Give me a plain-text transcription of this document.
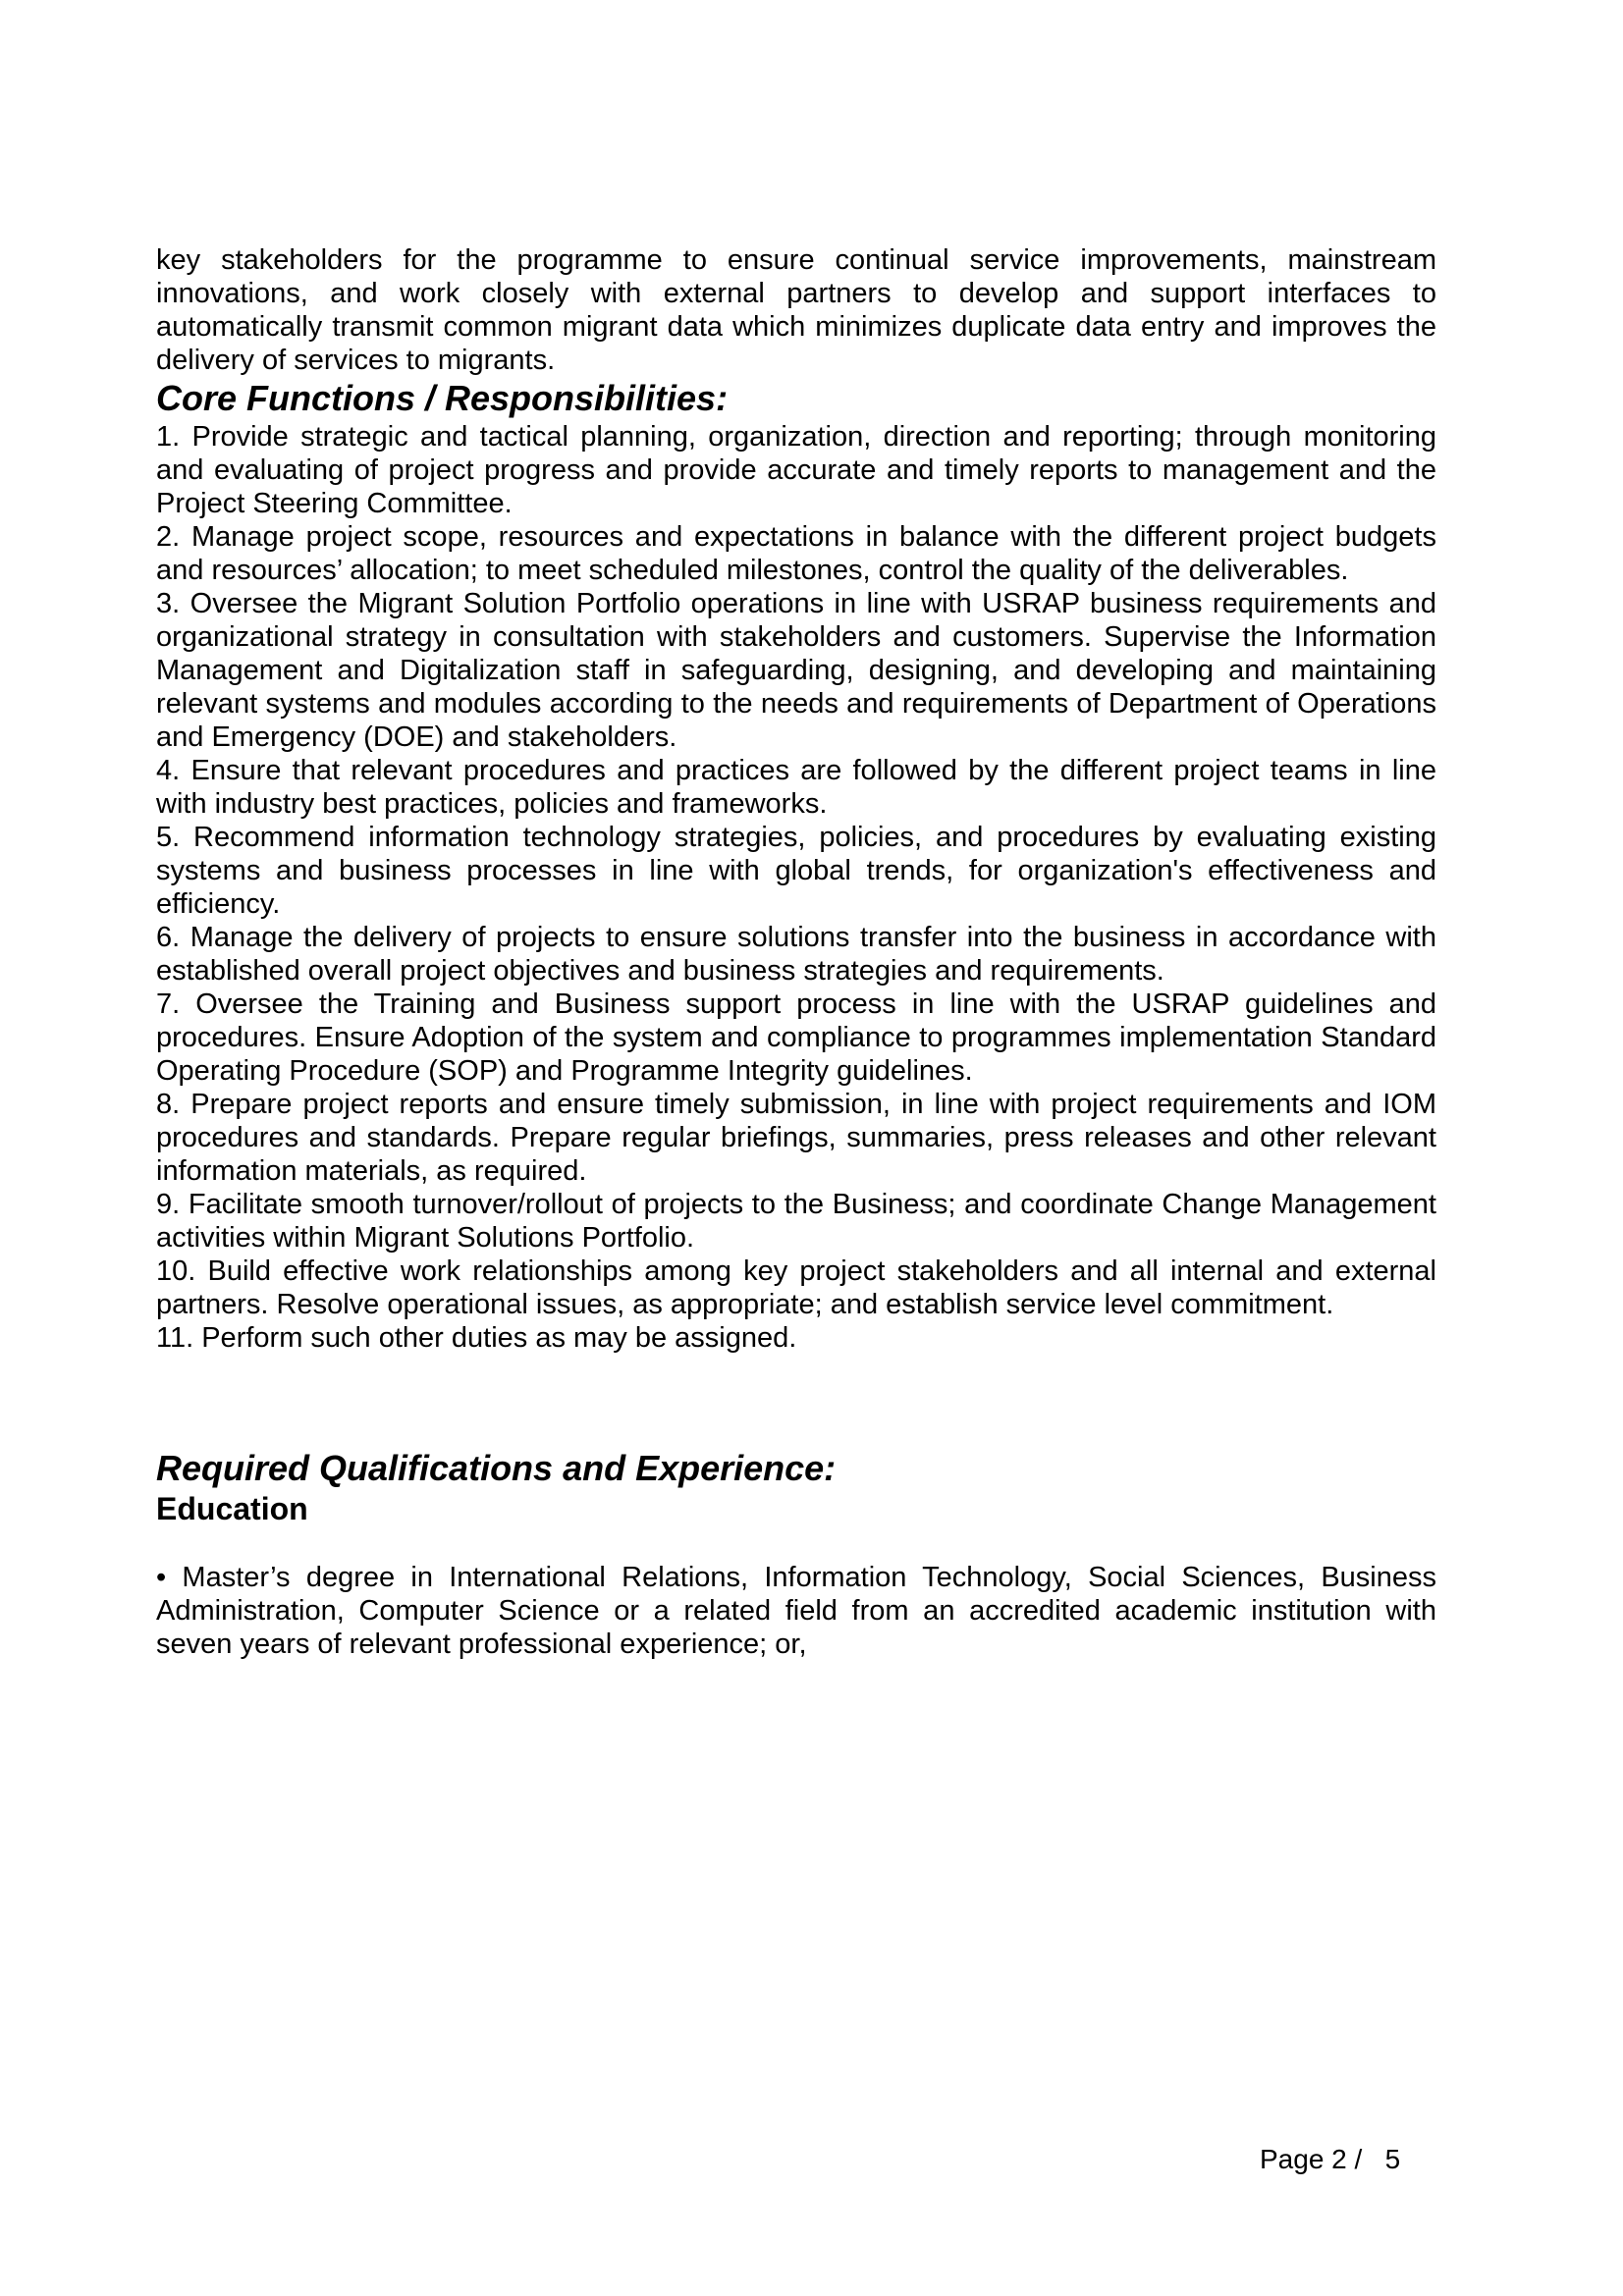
key stakeholders for the programme to ensure continual service improvements, mainstream innovations, and work closely with external partners to develop and support interfaces to automatically transmit common migrant data which minimizes duplicate data entry and improves the delivery of services to migrants.

Core Functions / Responsibilities:

1. Provide strategic and tactical planning, organization, direction and reporting; through monitoring and evaluating of project progress and provide accurate and timely reports to management and the Project Steering Committee.

2. Manage project scope, resources and expectations in balance with the different project budgets and resources’ allocation; to meet scheduled milestones, control the quality of the deliverables.

3. Oversee the Migrant Solution Portfolio operations in line with USRAP business requirements and organizational strategy in consultation with stakeholders and customers. Supervise the Information Management and Digitalization staff in safeguarding, designing, and developing and maintaining relevant systems and modules according to the needs and requirements of Department of Operations and Emergency (DOE) and stakeholders.

4. Ensure that relevant procedures and practices are followed by the different project teams in line with industry best practices, policies and frameworks.

5. Recommend information technology strategies, policies, and procedures by evaluating existing systems and business processes in line with global trends, for organization's effectiveness and efficiency.

6. Manage the delivery of projects to ensure solutions transfer into the business in accordance with established overall project objectives and business strategies and requirements.

7. Oversee the Training and Business support process in line with the USRAP guidelines and procedures. Ensure Adoption of the system and compliance to programmes implementation Standard Operating Procedure (SOP) and Programme Integrity guidelines.

8. Prepare project reports and ensure timely submission, in line with project requirements and IOM procedures and standards. Prepare regular briefings, summaries, press releases and other relevant information materials, as required.

9. Facilitate smooth turnover/rollout of projects to the Business; and coordinate Change Management activities within Migrant Solutions Portfolio.

10. Build effective work relationships among key project stakeholders and all internal and external partners. Resolve operational issues, as appropriate; and establish service level commitment.

11. Perform such other duties as may be assigned.

Required Qualifications and Experience:
Education

• Master’s degree in International Relations, Information Technology, Social Sciences, Business Administration, Computer Science or a related field from an accredited academic institution with seven years of relevant professional experience; or,

Page 2 /   5
